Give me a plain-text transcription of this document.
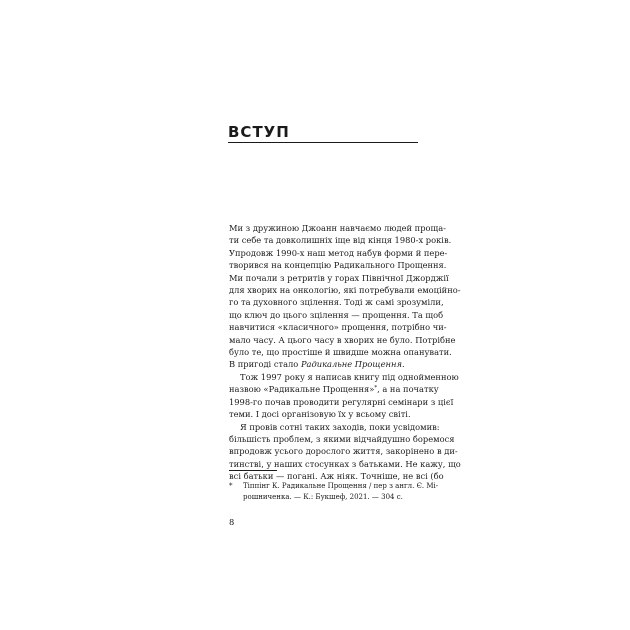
ВСТУП

Ми з дружиною Джоанн навчаємо людей проща-
ти себе та довколишніх іще від кінця 1980-х років.
Упродовж 1990-х наш метод набув форми й пере-
творився на концепцію Радикального Прощення.
Ми почали з ретритів у горах Північної Джорджії
для хворих на онкологію, які потребували емоційно-
го та духовного зцілення. Тоді ж самі зрозуміли,
що ключ до цього зцілення — прощення. Та щоб
навчитися «класичного» прощення, потрібно чи-
мало часу. А цього часу в хворих не було. Потрібне
було те, що простіше й швидше можна опанувати.
В пригоді стало Радикальне Прощення.

Тож 1997 року я написав книгу під однойменною
назвою «Радикальне Прощення»*, а на початку
1998-го почав проводити регулярні семінари з цієї
теми. І досі організовую їх у всьому світі.

Я провів сотні таких заходів, поки усвідомив:
більшість проблем, з якими відчайдушно боремося
впродовж усього дорослого життя, закорінено в ди-
тинстві, у наших стосунках з батьками. Не кажу, що
всі батьки — погані. Аж ніяк. Точніше, не всі (бо

* Тіппінг К. Радикальне Прощення / пер з англ. Є. Мі-
рошниченка. — К.: Букшеф, 2021. — 304 с.
8
